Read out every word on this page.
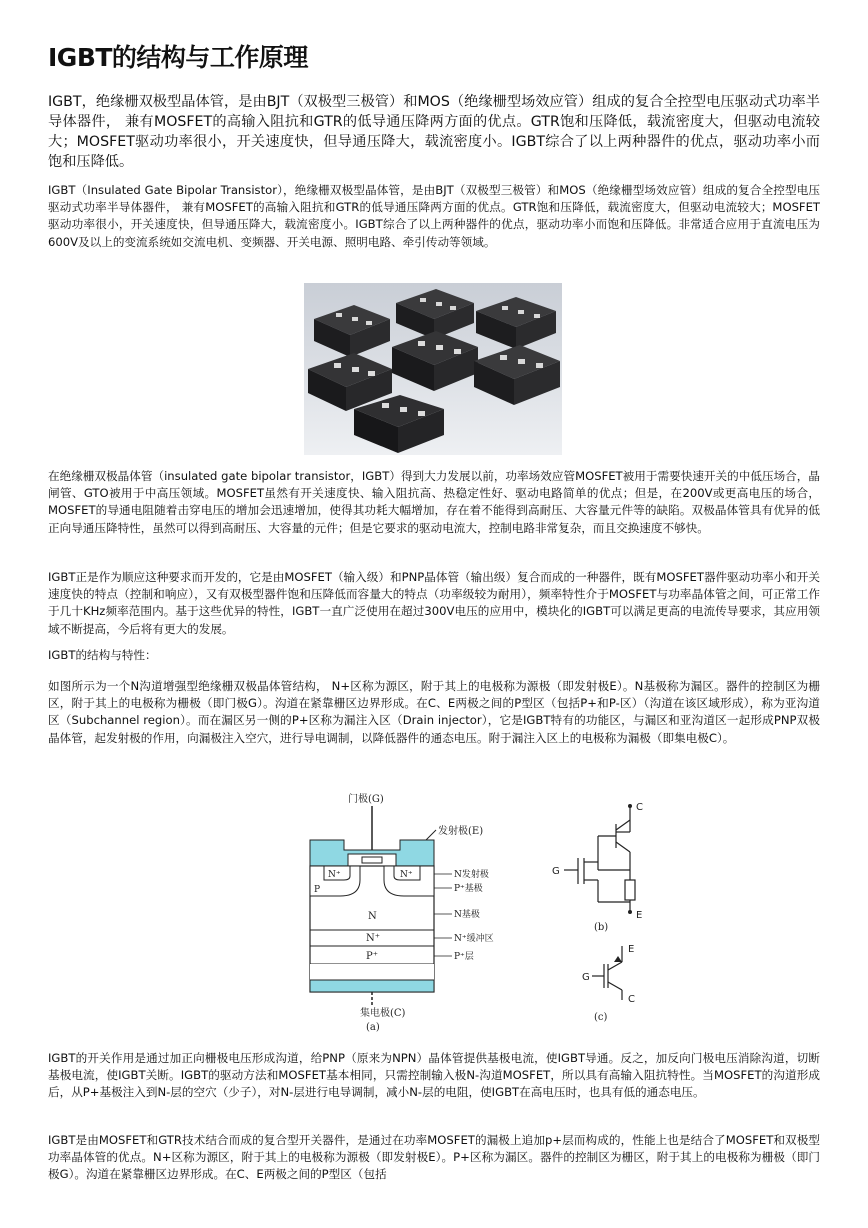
IGBT的结构与工作原理

IGBT，绝缘栅双极型晶体管，是由BJT（双极型三极管）和MOS（绝缘栅型场效应管）组成的复合全控型电压驱动式功率半导体器件， 兼有MOSFET的高输入阻抗和GTR的低导通压降两方面的优点。GTR饱和压降低，载流密度大，但驱动电流较大；MOSFET驱动功率很小，开关速度快，但导通压降大，载流密度小。IGBT综合了以上两种器件的优点，驱动功率小而饱和压降低。

IGBT（Insulated Gate Bipolar Transistor），绝缘栅双极型晶体管，是由BJT（双极型三极管）和MOS（绝缘栅型场效应管）组成的复合全控型电压驱动式功率半导体器件， 兼有MOSFET的高输入阻抗和GTR的低导通压降两方面的优点。GTR饱和压降低，载流密度大，但驱动电流较大；MOSFET驱动功率很小，开关速度快，但导通压降大，载流密度小。IGBT综合了以上两种器件的优点，驱动功率小而饱和压降低。非常适合应用于直流电压为600V及以上的变流系统如交流电机、变频器、开关电源、照明电路、牵引传动等领域。

在绝缘栅双极晶体管（insulated gate bipolar transistor，IGBT）得到大力发展以前，功率场效应管MOSFET被用于需要快速开关的中低压场合，晶闸管、GTO被用于中高压领域。MOSFET虽然有开关速度快、输入阻抗高、热稳定性好、驱动电路简单的优点；但是，在200V或更高电压的场合，MOSFET的导通电阻随着击穿电压的增加会迅速增加，使得其功耗大幅增加，存在着不能得到高耐压、大容量元件等的缺陷。双极晶体管具有优异的低正向导通压降特性，虽然可以得到高耐压、大容量的元件；但是它要求的驱动电流大，控制电路非常复杂，而且交换速度不够快。

IGBT正是作为顺应这种要求而开发的，它是由MOSFET（输入级）和PNP晶体管（输出级）复合而成的一种器件，既有MOSFET器件驱动功率小和开关速度快的特点（控制和响应），又有双极型器件饱和压降低而容量大的特点（功率级较为耐用），频率特性介于MOSFET与功率晶体管之间，可正常工作于几十KHz频率范围内。基于这些优异的特性，IGBT一直广泛使用在超过300V电压的应用中，模块化的IGBT可以满足更高的电流传导要求，其应用领域不断提高，今后将有更大的发展。

IGBT的结构与特性：

如图所示为一个N沟道增强型绝缘栅双极晶体管结构， N+区称为源区，附于其上的电极称为源极（即发射极E）。N基极称为漏区。器件的控制区为栅区，附于其上的电极称为栅极（即门极G）。沟道在紧靠栅区边界形成。在C、E两极之间的P型区（包括P+和P-区）（沟道在该区域形成），称为亚沟道区（Subchannel region）。而在漏区另一侧的P+区称为漏注入区（Drain injector），它是IGBT特有的功能区，与漏区和亚沟道区一起形成PNP双极晶体管，起发射极的作用，向漏极注入空穴，进行导电调制，以降低器件的通态电压。附于漏注入区上的电极称为漏极（即集电极C）。

门极(G)
发射极(E)
N⁺	N⁺
P
N
N⁺
P⁺
集电极(C)
(a)
N发射极
P⁺基极
N基极
N⁺缓冲区
P⁺层
C
E
G
(b)
E
C
G
(c)

IGBT的开关作用是通过加正向栅极电压形成沟道，给PNP（原来为NPN）晶体管提供基极电流，使IGBT导通。反之，加反向门极电压消除沟道，切断基极电流，使IGBT关断。IGBT的驱动方法和MOSFET基本相同，只需控制输入极N-沟道MOSFET，所以具有高输入阻抗特性。当MOSFET的沟道形成后，从P+基极注入到N-层的空穴（少子），对N-层进行电导调制，减小N-层的电阻，使IGBT在高电压时，也具有低的通态电压。

IGBT是由MOSFET和GTR技术结合而成的复合型开关器件，是通过在功率MOSFET的漏极上追加p+层而构成的，性能上也是结合了MOSFET和双极型功率晶体管的优点。N+区称为源区，附于其上的电极称为源极（即发射极E）。P+区称为漏区。器件的控制区为栅区，附于其上的电极称为栅极（即门极G）。沟道在紧靠栅区边界形成。在C、E两极之间的P型区（包括
